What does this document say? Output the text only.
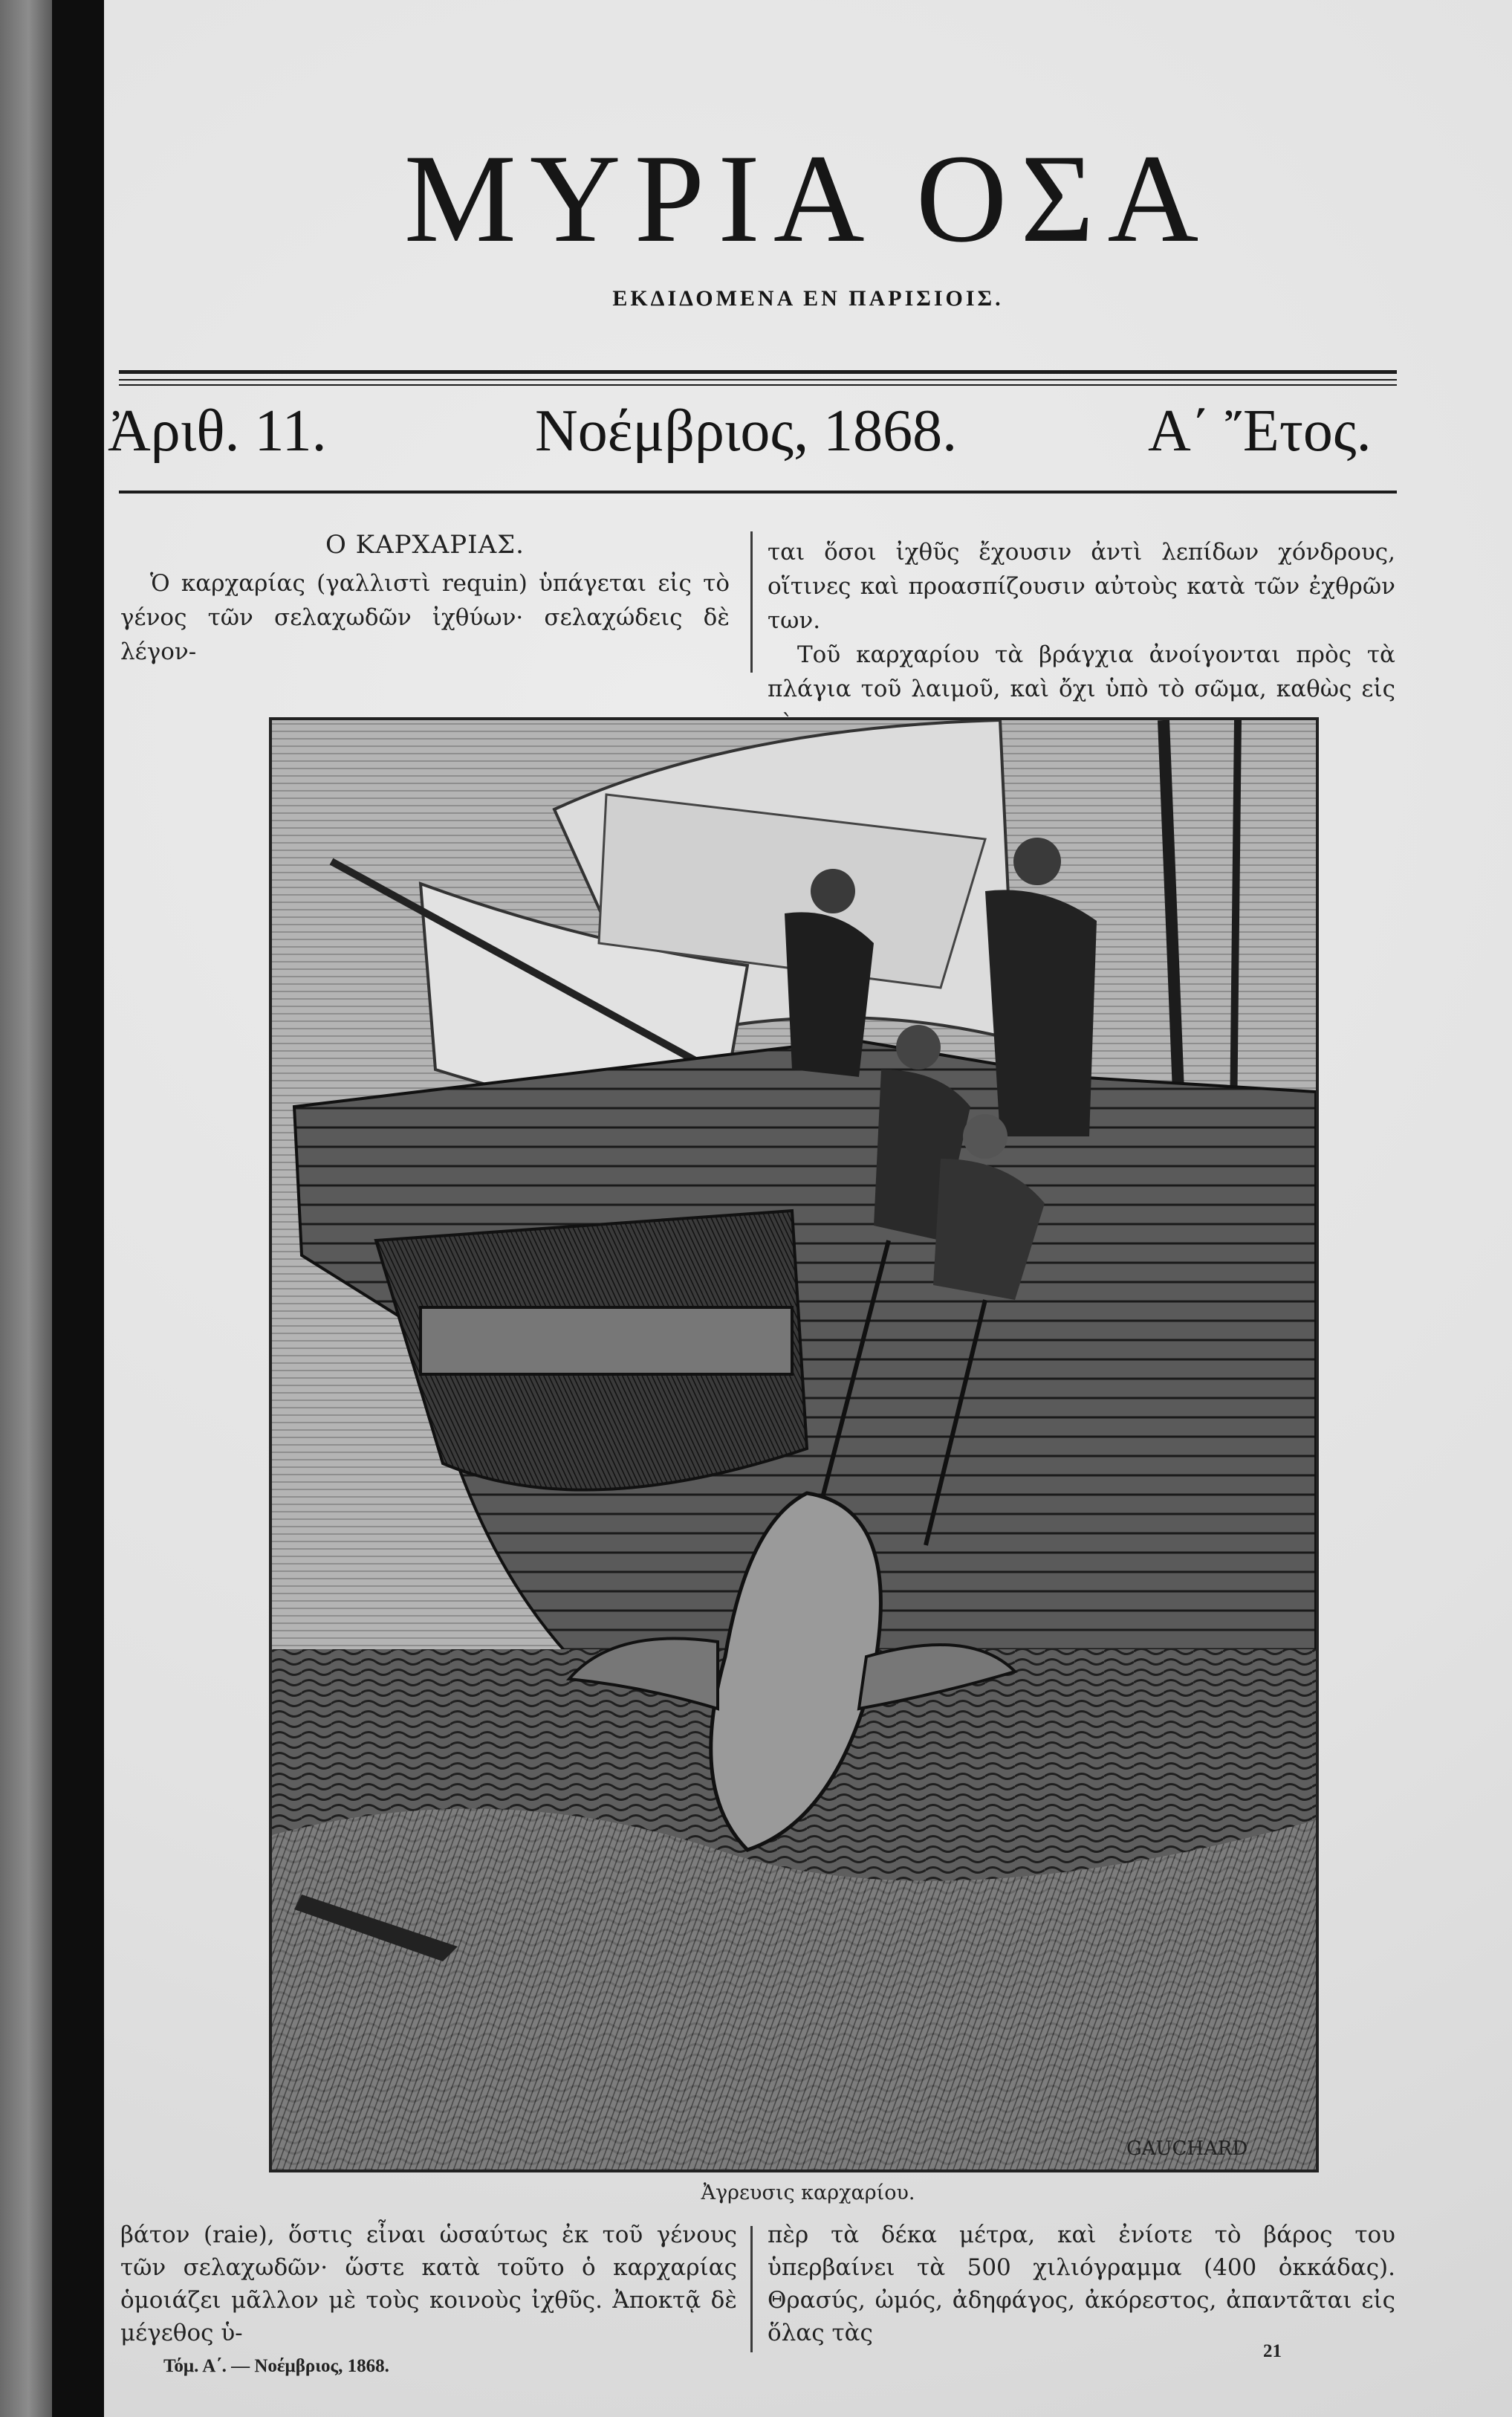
ΜΥΡΙΑ ΟΣΑ
ΕΚΔΙΔΟΜΕΝΑ ΕΝ ΠΑΡΙΣΙΟΙΣ.
Ἀριθ. 11.	Νοέμβριος, 1868.	Α΄ Ἔτος.

Ο ΚΑΡΧΑΡΙΑΣ.

Ὁ καρχαρίας (γαλλιστὶ requin) ὑπάγεται εἰς τὸ γένος τῶν σελαχωδῶν ἰχθύων· σελαχώδεις δὲ λέγον-

ται ὅσοι ἰχθῦς ἔχουσιν ἀντὶ λεπίδων χόνδρους, οἵτινες καὶ προασπίζουσιν αὐτοὺς κατὰ τῶν ἐχθρῶν των.

Τοῦ καρχαρίου τὰ βράγχια ἀνοίγονται πρὸς τὰ πλάγια τοῦ λαιμοῦ, καὶ ὄχι ὑπὸ τὸ σῶμα, καθὼς εἰς

GAUCHARD
Ἀγρευσις καρχαρίου.

βάτον (raie), ὅστις εἶναι ὡσαύτως ἐκ τοῦ γένους τῶν σελαχωδῶν· ὥστε κατὰ τοῦτο ὁ καρχαρίας ὁμοιάζει μᾶλλον μὲ τοὺς κοινοὺς ἰχθῦς. Ἀποκτᾷ δὲ μέγεθος ὑ-

πὲρ τὰ δέκα μέτρα, καὶ ἐνίοτε τὸ βάρος του ὑπερβαίνει τὰ 500 χιλιόγραμμα (400 ὀκκάδας). Θρασύς, ὠμός, ἀδηφάγος, ἀκόρεστος, ἀπαντᾶται εἰς ὅλας τὰς

Τόμ. Α΄. — Νοέμβριος, 1868.
21
